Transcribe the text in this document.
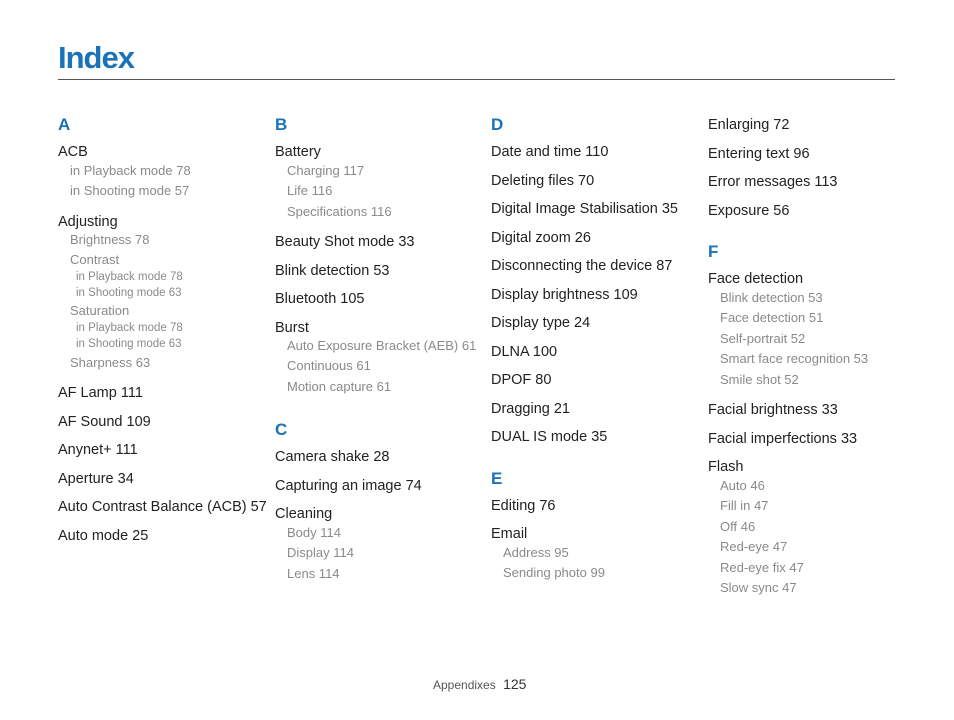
Index
A
ACB
in Playback mode 78
in Shooting mode 57
Adjusting
Brightness 78
Contrast
in Playback mode 78
in Shooting mode 63
Saturation
in Playback mode 78
in Shooting mode 63
Sharpness 63
AF Lamp 111
AF Sound 109
Anynet+ 111
Aperture 34
Auto Contrast Balance (ACB) 57
Auto mode 25
B
Battery
Charging 117
Life 116
Specifications 116
Beauty Shot mode 33
Blink detection 53
Bluetooth 105
Burst
Auto Exposure Bracket (AEB) 61
Continuous 61
Motion capture 61
C
Camera shake 28
Capturing an image 74
Cleaning
Body 114
Display 114
Lens 114
D
Date and time 110
Deleting files 70
Digital Image Stabilisation 35
Digital zoom 26
Disconnecting the device 87
Display brightness 109
Display type 24
DLNA 100
DPOF 80
Dragging 21
DUAL IS mode 35
E
Editing 76
Email
Address 95
Sending photo 99
Enlarging 72
Entering text 96
Error messages 113
Exposure 56
F
Face detection
Blink detection 53
Face detection 51
Self-portrait 52
Smart face recognition 53
Smile shot 52
Facial brightness 33
Facial imperfections 33
Flash
Auto 46
Fill in 47
Off 46
Red-eye 47
Red-eye fix 47
Slow sync 47
Appendixes 125
